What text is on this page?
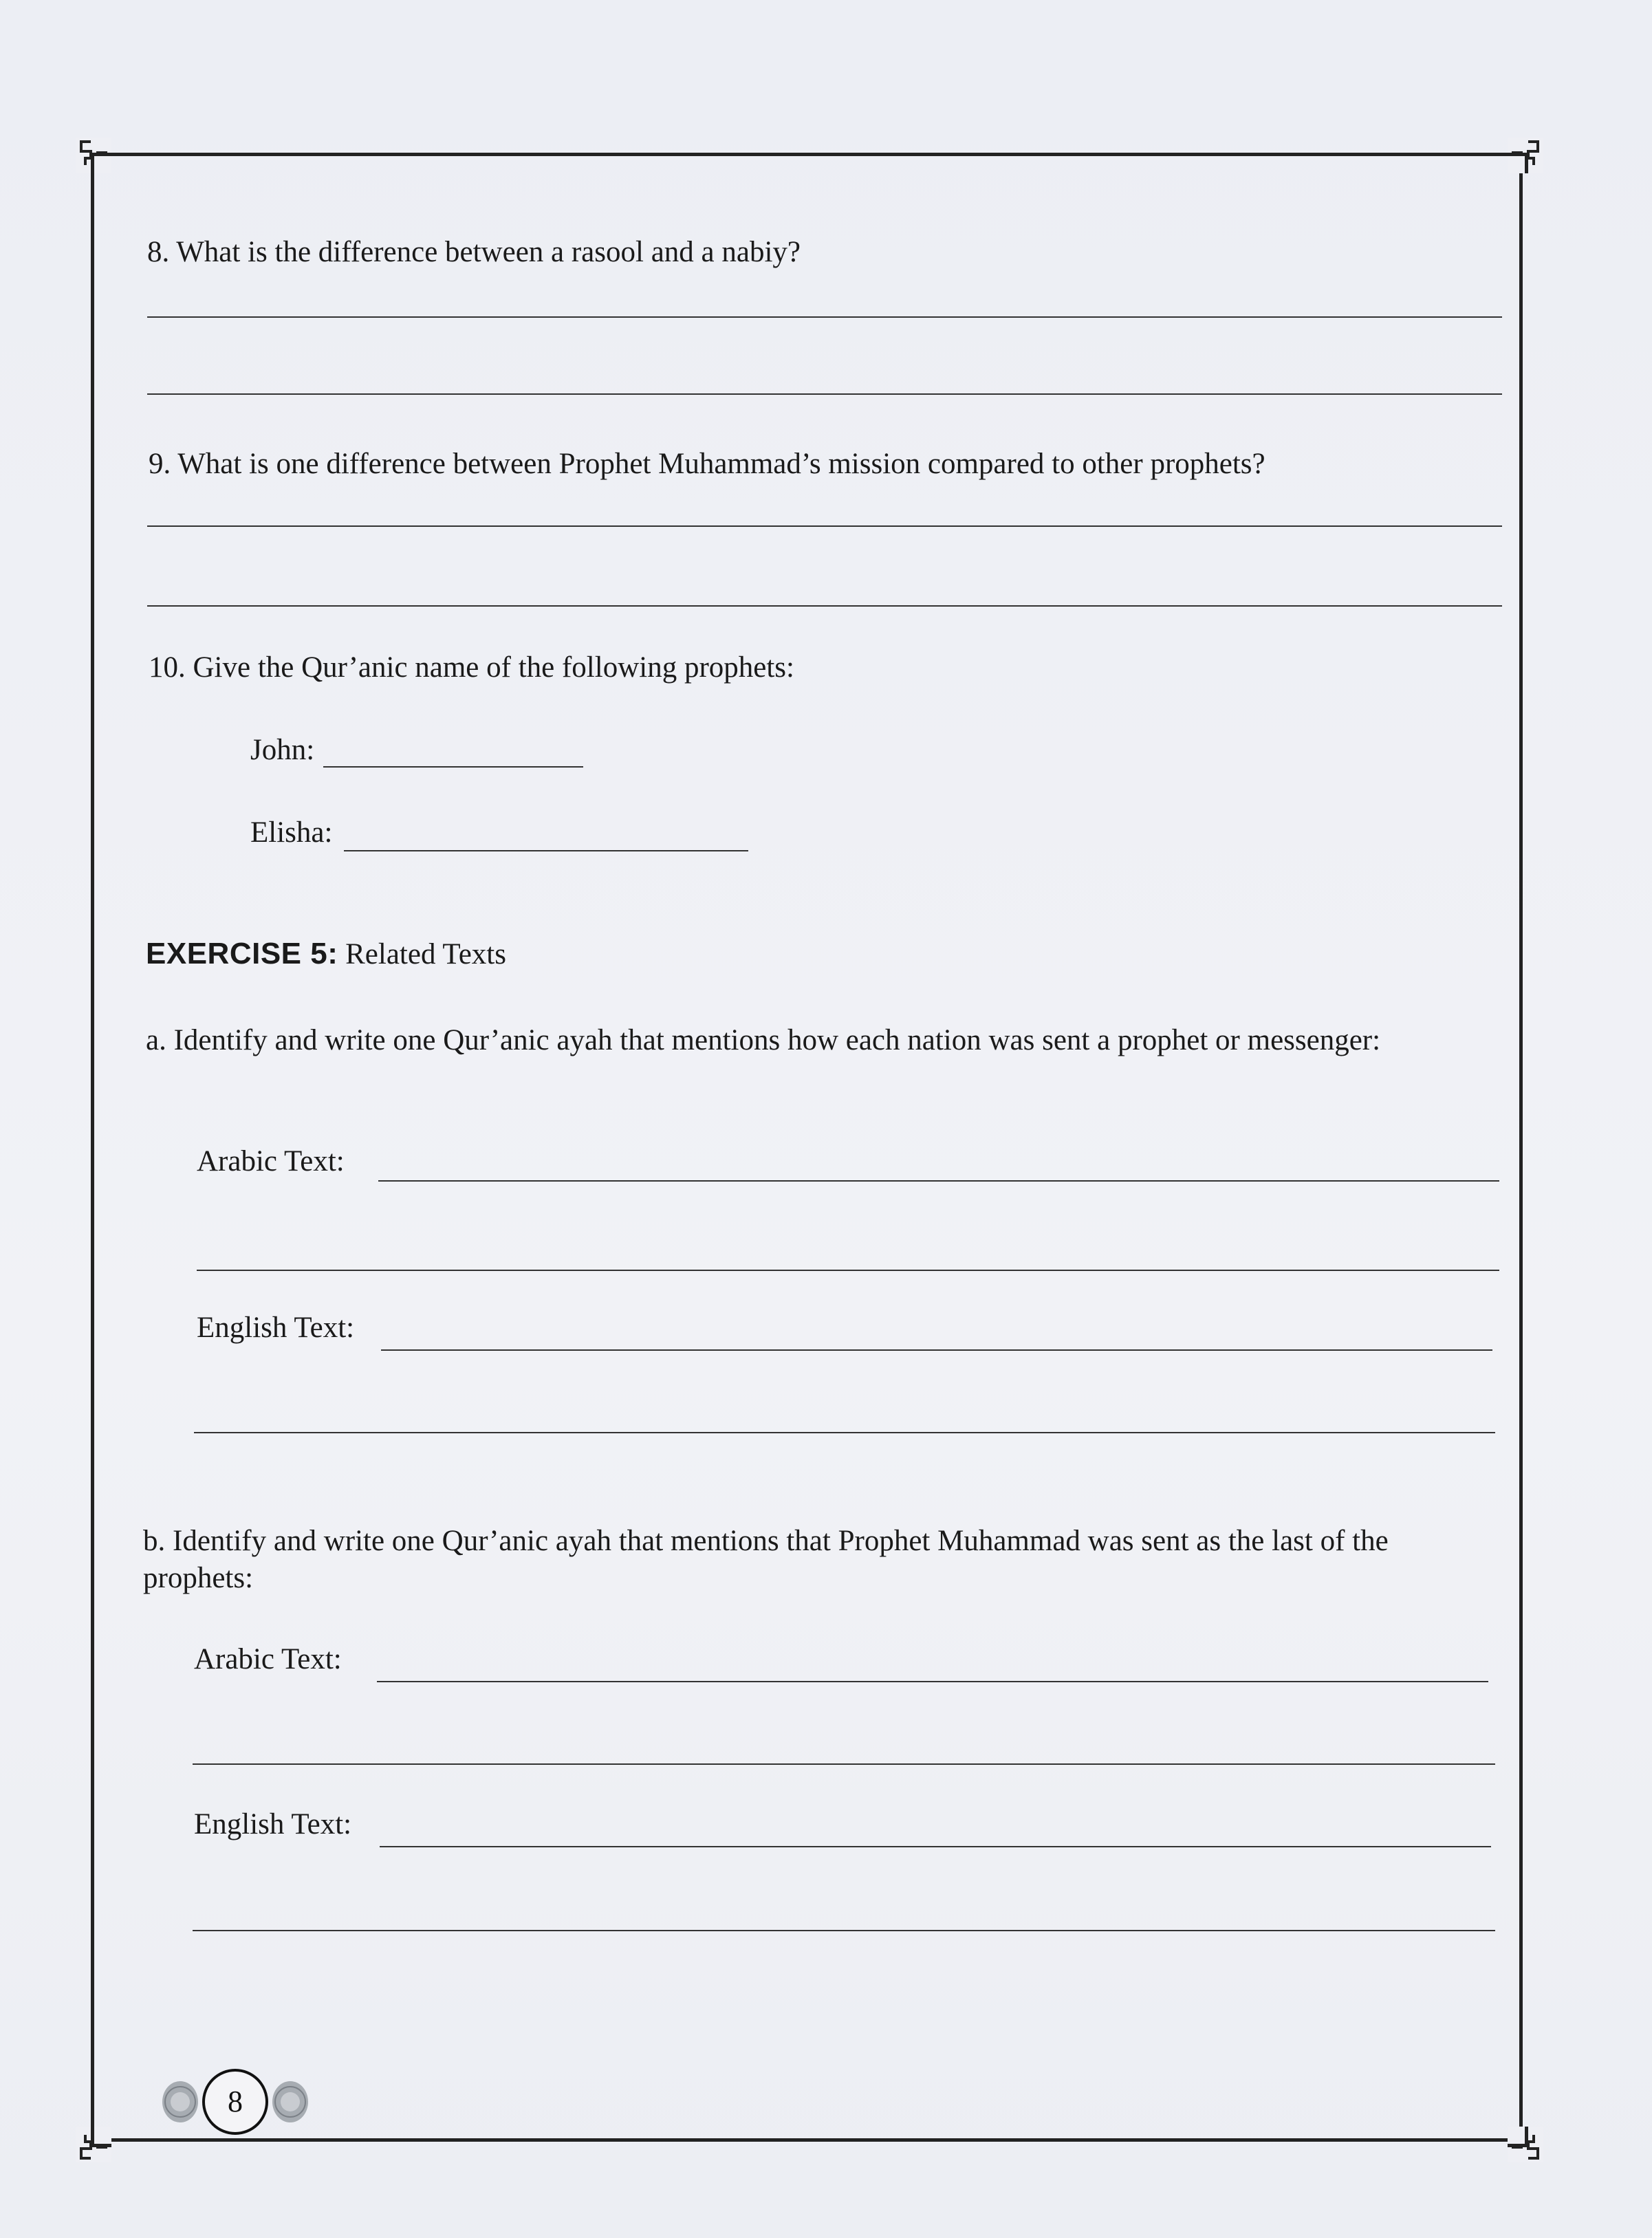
8. What is the difference between a rasool and a nabiy?
9. What is one difference between Prophet Muhammad’s mission compared to other prophets?
10. Give the Qur’anic name of the following prophets:
John:
Elisha:
EXERCISE 5: Related Texts
a. Identify and write one Qur’anic ayah that mentions how each nation was sent a prophet or messenger:
Arabic Text:
English Text:
b. Identify and write one Qur’anic ayah that mentions that Prophet Muhammad was sent as the last of the prophets:
Arabic Text:
English Text:
8
